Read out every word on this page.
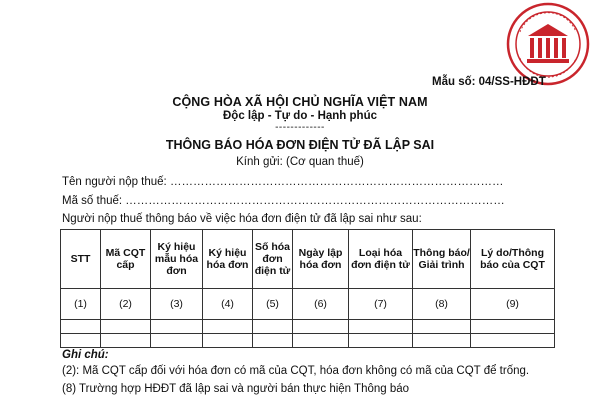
Mẫu số: 04/SS-HĐĐT
CỘNG HÒA XÃ HỘI CHỦ NGHĨA VIỆT NAM
Độc lập - Tự do - Hạnh phúc
-------------
THÔNG BÁO HÓA ĐƠN ĐIỆN TỬ ĐÃ LẬP SAI
Kính gửi: (Cơ quan thuế)
Tên người nộp thuế: ……………………………………………………………………………
Mã số thuế: ………………………………………………………………………………………
Người nộp thuế thông báo về việc hóa đơn điện tử đã lập sai như sau:
STT	Mã CQT cấp	Ký hiệu mẫu hóa đơn	Ký hiệu hóa đơn	Số hóa đơn điện tử	Ngày lập hóa đơn	Loại hóa đơn điện tử	Thông báo/ Giải trình	Lý do/Thông báo của CQT
(1)	(2)	(3)	(4)	(5)	(6)	(7)	(8)	(9)

Ghi chú:
(2): Mã CQT cấp đối với hóa đơn có mã của CQT, hóa đơn không có mã của CQT để trống.
(8) Trường hợp HĐĐT đã lập sai và người bán thực hiện Thông báo
